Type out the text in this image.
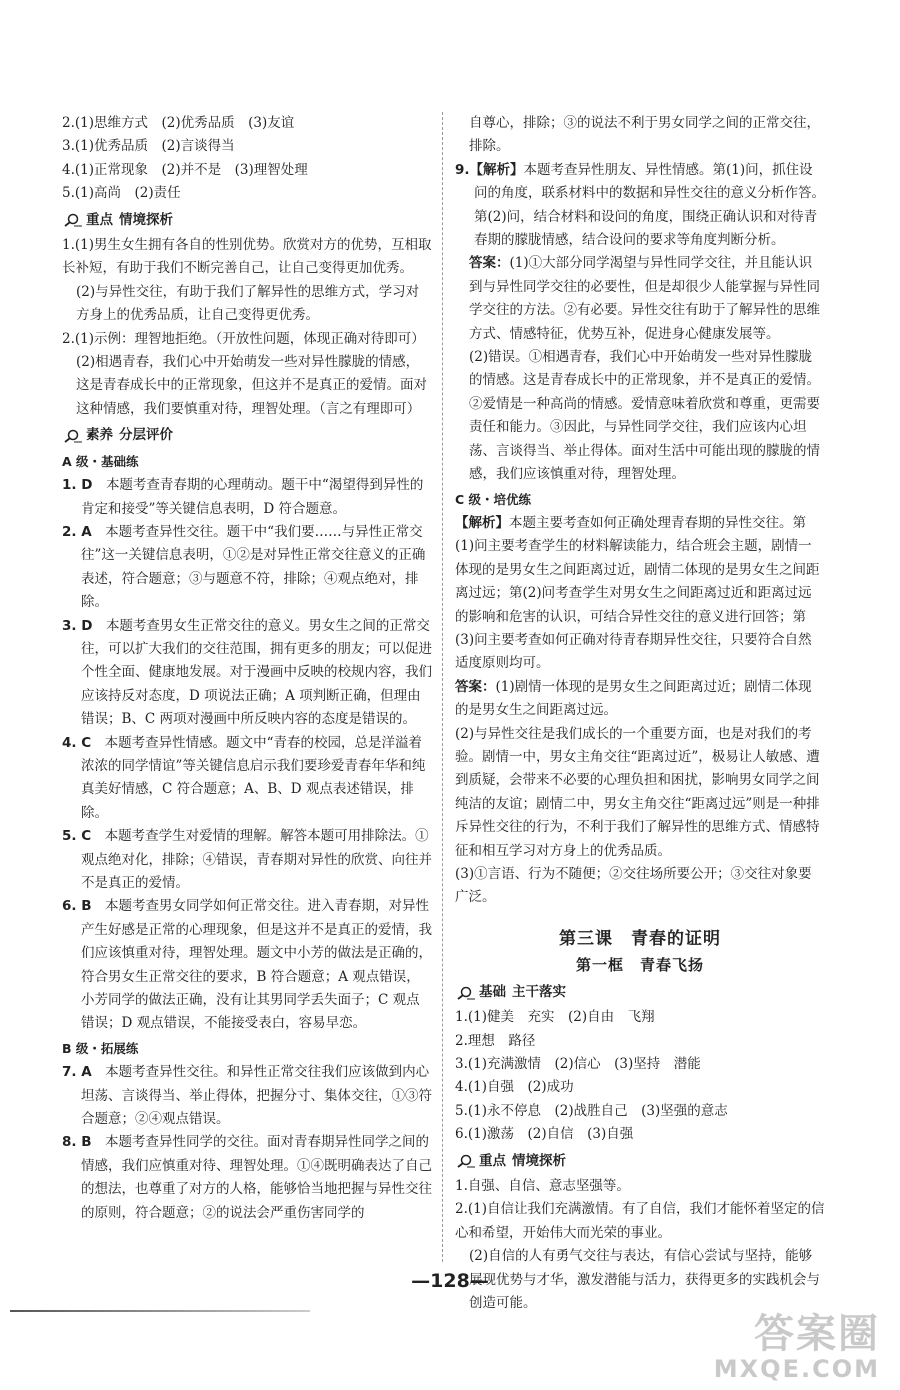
2.(1)思维方式　(2)优秀品质　(3)友谊

3.(1)优秀品质　(2)言谈得当

4.(1)正常现象　(2)并不是　(3)理智处理

5.(1)高尚　(2)责任

重点 情境探析

1.(1)男生女生拥有各自的性别优势。欣赏对方的优势，互相取长补短，有助于我们不断完善自己，让自己变得更加优秀。

(2)与异性交往，有助于我们了解异性的思维方式，学习对方身上的优秀品质，让自己变得更优秀。

2.(1)示例：理智地拒绝。（开放性问题，体现正确对待即可）

(2)相遇青春，我们心中开始萌发一些对异性朦胧的情感，这是青春成长中的正常现象，但这并不是真正的爱情。面对这种情感，我们要慎重对待，理智处理。（言之有理即可）

素养 分层评价

A 级・基础练

1. D　 本题考查青春期的心理萌动。题干中“渴望得到异性的肯定和接受”等关键信息表明，D 符合题意。

2. A　 本题考查异性交往。题干中“我们要……与异性正常交往”这一关键信息表明，①②是对异性正常交往意义的正确表述，符合题意；③与题意不符，排除；④观点绝对，排除。

3. D　 本题考查男女生正常交往的意义。男女生之间的正常交往，可以扩大我们的交往范围，拥有更多的朋友；可以促进个性全面、健康地发展。对于漫画中反映的校规内容，我们应该持反对态度，D 项说法正确；A 项判断正确，但理由错误；B、C 两项对漫画中所反映内容的态度是错误的。

4. C　 本题考查异性情感。题文中“青春的校园，总是洋溢着浓浓的同学情谊”等关键信息启示我们要珍爱青春年华和纯真美好情感，C 符合题意；A、B、D 观点表述错误，排除。

5. C　 本题考查学生对爱情的理解。解答本题可用排除法。①观点绝对化，排除；④错误，青春期对异性的欣赏、向往并不是真正的爱情。

6. B　 本题考查男女同学如何正常交往。进入青春期，对异性产生好感是正常的心理现象，但是这并不是真正的爱情，我们应该慎重对待，理智处理。题文中小芳的做法是正确的，符合男女生正常交往的要求，B 符合题意；A 观点错误，小芳同学的做法正确，没有让其男同学丢失面子；C 观点错误；D 观点错误，不能接受表白，容易早恋。

B 级・拓展练

7. A　 本题考查异性交往。和异性正常交往我们应该做到内心坦荡、言谈得当、举止得体，把握分寸、集体交往，①③符合题意；②④观点错误。

8. B　 本题考查异性同学的交往。面对青春期异性同学之间的情感，我们应慎重对待、理智处理。①④既明确表达了自己的想法，也尊重了对方的人格，能够恰当地把握与异性交往的原则，符合题意；②的说法会严重伤害同学的

自尊心，排除；③的说法不利于男女同学之间的正常交往，排除。

9.【解析】本题考查异性朋友、异性情感。第(1)问，抓住设问的角度，联系材料中的数据和异性交往的意义分析作答。第(2)问，结合材料和设问的角度，围绕正确认识和对待青春期的朦胧情感，结合设问的要求等角度判断分析。

答案：(1)①大部分同学渴望与异性同学交往，并且能认识到与异性同学交往的必要性，但是却很少人能掌握与异性同学交往的方法。②有必要。异性交往有助于了解异性的思维方式、情感特征，优势互补，促进身心健康发展等。

(2)错误。①相遇青春，我们心中开始萌发一些对异性朦胧的情感。这是青春成长中的正常现象，并不是真正的爱情。②爱情是一种高尚的情感。爱情意味着欣赏和尊重，更需要责任和能力。③因此，与异性同学交往，我们应该内心坦荡、言谈得当、举止得体。面对生活中可能出现的朦胧的情感，我们应该慎重对待，理智处理。

C 级・培优练

【解析】本题主要考查如何正确处理青春期的异性交往。第(1)问主要考查学生的材料解读能力，结合班会主题，剧情一体现的是男女生之间距离过近，剧情二体现的是男女生之间距离过远；第(2)问考查学生对男女生之间距离过近和距离过远的影响和危害的认识，可结合异性交往的意义进行回答；第(3)问主要考查如何正确对待青春期异性交往，只要符合自然适度原则均可。

答案：(1)剧情一体现的是男女生之间距离过近；剧情二体现的是男女生之间距离过远。

(2)与异性交往是我们成长的一个重要方面，也是对我们的考验。剧情一中，男女主角交往“距离过近”，极易让人敏感、遭到质疑，会带来不必要的心理负担和困扰，影响男女同学之间纯洁的友谊；剧情二中，男女主角交往“距离过远”则是一种排斥异性交往的行为，不利于我们了解异性的思维方式、情感特征和相互学习对方身上的优秀品质。

(3)①言语、行为不随便；②交往场所要公开；③交往对象要广泛。

第三课　青春的证明
第一框　青春飞扬
基础 主干落实

1.(1)健美　充实　(2)自由　飞翔

2.理想　路径

3.(1)充满激情　(2)信心　(3)坚持　潜能

4.(1)自强　(2)成功

5.(1)永不停息　(2)战胜自己　(3)坚强的意志

6.(1)激荡　(2)自信　(3)自强

重点 情境探析

1.自强、自信、意志坚强等。

2.(1)自信让我们充满激情。有了自信，我们才能怀着坚定的信心和希望，开始伟大而光荣的事业。

(2)自信的人有勇气交往与表达，有信心尝试与坚持，能够展现优势与才华，激发潜能与活力，获得更多的实践机会与创造可能。

—128—
答案圈
MXQE.COM
